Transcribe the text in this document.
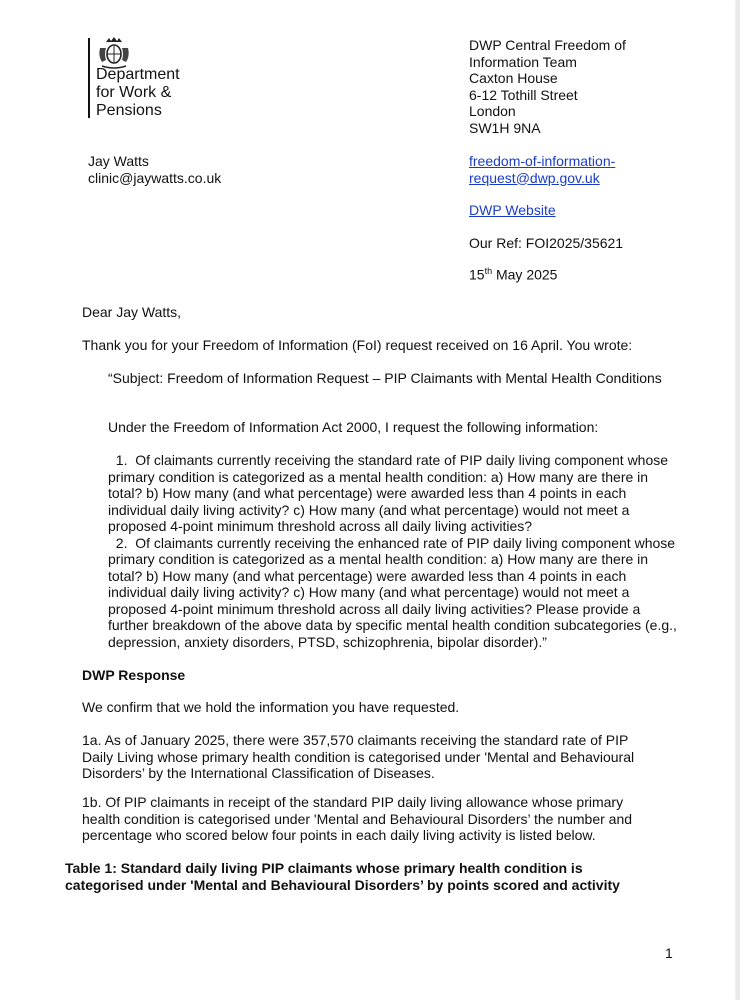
Department
for Work &
Pensions
DWP Central Freedom of
Information Team
Caxton House
6-12 Tothill Street
London
SW1H 9NA
Jay Watts
clinic@jaywatts.co.uk
freedom-of-information-
request@dwp.gov.uk
DWP Website
Our Ref: FOI2025/35621
15th May 2025
Dear Jay Watts,
Thank you for your Freedom of Information (FoI) request received on 16 April. You wrote:
“Subject: Freedom of Information Request – PIP Claimants with Mental Health Conditions
Under the Freedom of Information Act 2000, I request the following information:
1. Of claimants currently receiving the standard rate of PIP daily living component whose primary condition is categorized as a mental health condition: a) How many are there in total? b) How many (and what percentage) were awarded less than 4 points in each individual daily living activity? c) How many (and what percentage) would not meet a proposed 4-point minimum threshold across all daily living activities?
2. Of claimants currently receiving the enhanced rate of PIP daily living component whose primary condition is categorized as a mental health condition: a) How many are there in total? b) How many (and what percentage) were awarded less than 4 points in each individual daily living activity? c) How many (and what percentage) would not meet a proposed 4-point minimum threshold across all daily living activities? Please provide a further breakdown of the above data by specific mental health condition subcategories (e.g., depression, anxiety disorders, PTSD, schizophrenia, bipolar disorder).”
DWP Response
We confirm that we hold the information you have requested.
1a. As of January 2025, there were 357,570 claimants receiving the standard rate of PIP Daily Living whose primary health condition is categorised under 'Mental and Behavioural Disorders’ by the International Classification of Diseases.
1b. Of PIP claimants in receipt of the standard PIP daily living allowance whose primary health condition is categorised under 'Mental and Behavioural Disorders’ the number and percentage who scored below four points in each daily living activity is listed below.
Table 1: Standard daily living PIP claimants whose primary health condition is categorised under 'Mental and Behavioural Disorders’ by points scored and activity
1
